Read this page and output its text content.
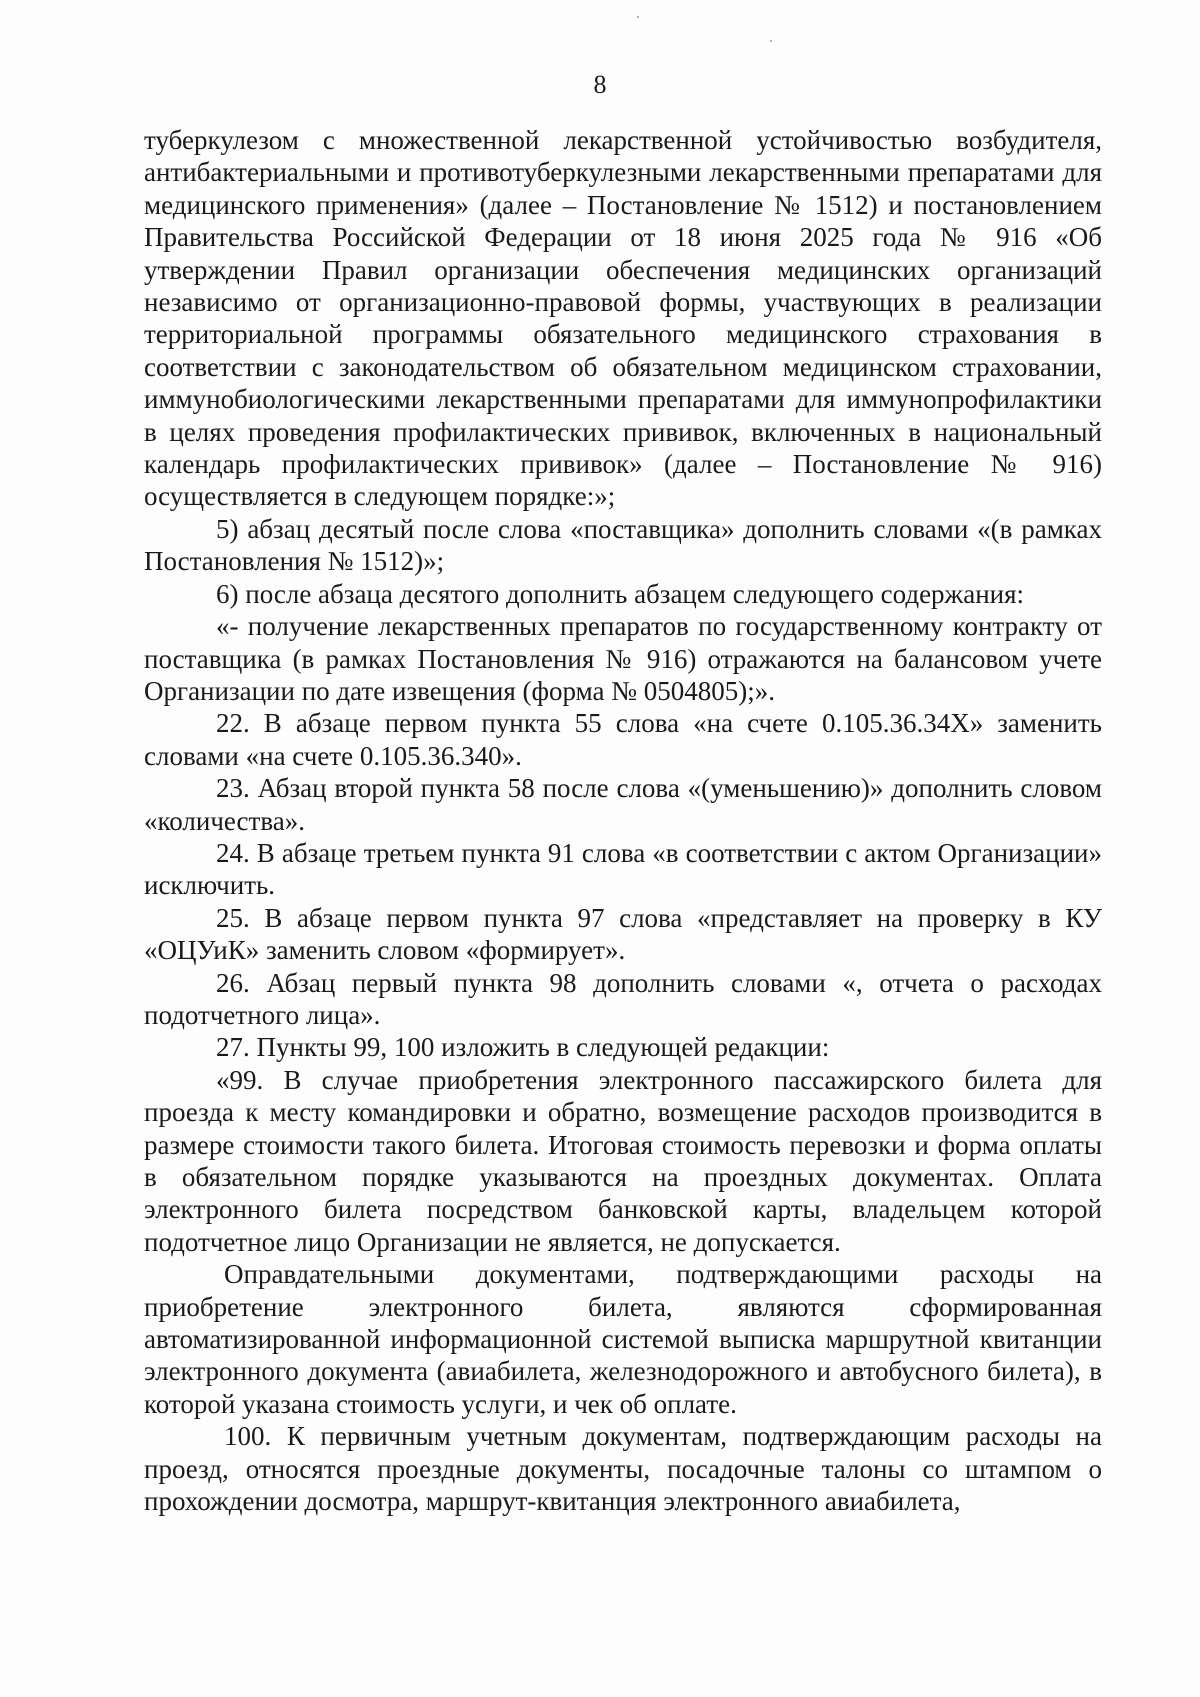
8

туберкулезом с множественной лекарственной устойчивостью возбудителя, антибактериальными и противотуберкулезными лекарственными препаратами для медицинского применения» (далее – Постановление № 1512) и постановлением Правительства Российской Федерации от 18 июня 2025 года № 916 «Об утверждении Правил организации обеспечения медицинских организаций независимо от организационно-правовой формы, участвующих в реализации территориальной программы обязательного медицинского страхования в соответствии с законодательством об обязательном медицинском страховании, иммунобиологическими лекарственными препаратами для иммунопрофилактики в целях проведения профилактических прививок, включенных в национальный календарь профилактических прививок» (далее – Постановление № 916) осуществляется в следующем порядке:»;

5) абзац десятый после слова «поставщика» дополнить словами «(в рамках Постановления № 1512)»;

6) после абзаца десятого дополнить абзацем следующего содержания:

«- получение лекарственных препаратов по государственному контракту от поставщика (в рамках Постановления № 916) отражаются на балансовом учете Организации по дате извещения (форма № 0504805);».

22. В абзаце первом пункта 55 слова «на счете 0.105.36.34Х» заменить словами «на счете 0.105.36.340».

23. Абзац второй пункта 58 после слова «(уменьшению)» дополнить словом «количества».

24. В абзаце третьем пункта 91 слова «в соответствии с актом Организации» исключить.

25. В абзаце первом пункта 97 слова «представляет на проверку в КУ «ОЦУиК» заменить словом «формирует».

26. Абзац первый пункта 98 дополнить словами «, отчета о расходах подотчетного лица».

27. Пункты 99, 100 изложить в следующей редакции:

«99. В случае приобретения электронного пассажирского билета для проезда к месту командировки и обратно, возмещение расходов производится в размере стоимости такого билета. Итоговая стоимость перевозки и форма оплаты в обязательном порядке указываются на проездных документах. Оплата электронного билета посредством банковской карты, владельцем которой подотчетное лицо Организации не является, не допускается.

Оправдательными документами, подтверждающими расходы на приобретение электронного билета, являются сформированная автоматизированной информационной системой выписка маршрутной квитанции электронного документа (авиабилета, железнодорожного и автобусного билета), в которой указана стоимость услуги, и чек об оплате.

100. К первичным учетным документам, подтверждающим расходы на проезд, относятся проездные документы, посадочные талоны со штампом о прохождении досмотра, маршрут-квитанция электронного авиабилета,
